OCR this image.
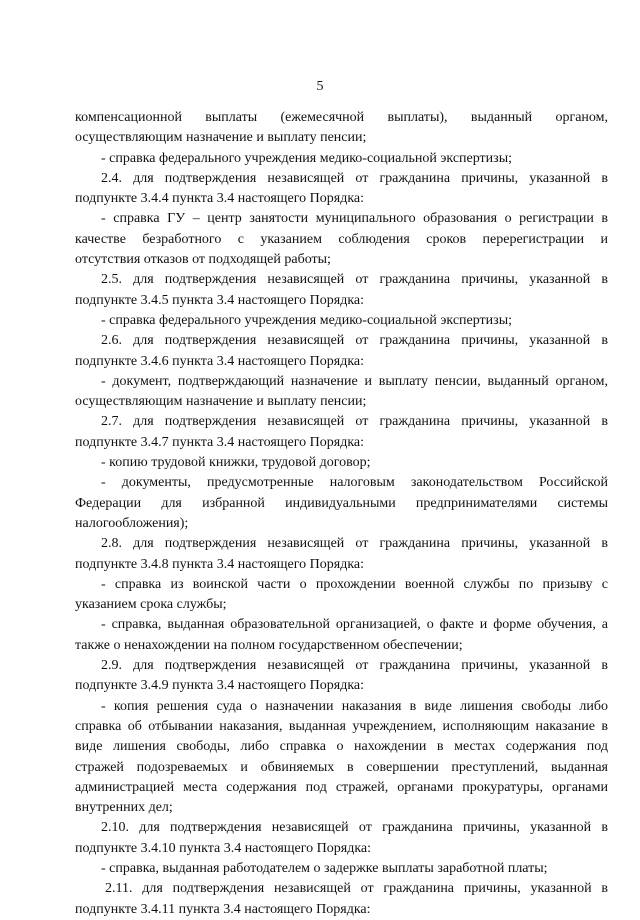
5
компенсационной выплаты (ежемесячной выплаты), выданный органом,
осуществляющим назначение и выплату пенсии;
- справка федерального учреждения медико-социальной экспертизы;
2.4. для подтверждения независящей от гражданина причины, указанной в
подпункте 3.4.4 пункта 3.4 настоящего Порядка:
- справка ГУ – центр занятости муниципального образования о регистрации в
качестве безработного с указанием соблюдения сроков перерегистрации и
отсутствия отказов от подходящей работы;
2.5. для подтверждения независящей от гражданина причины, указанной в
подпункте 3.4.5 пункта 3.4 настоящего Порядка:
- справка федерального учреждения медико-социальной экспертизы;
2.6. для подтверждения независящей от гражданина причины, указанной в
подпункте 3.4.6 пункта 3.4 настоящего Порядка:
- документ, подтверждающий назначение и выплату пенсии, выданный органом,
осуществляющим назначение и выплату пенсии;
2.7. для подтверждения независящей от гражданина причины, указанной в
подпункте 3.4.7 пункта 3.4 настоящего Порядка:
- копию трудовой книжки, трудовой договор;
- документы, предусмотренные налоговым законодательством Российской
Федерации для избранной индивидуальными предпринимателями системы
налогообложения);
2.8. для подтверждения независящей от гражданина причины, указанной в
подпункте 3.4.8 пункта 3.4 настоящего Порядка:
- справка из воинской части о прохождении военной службы по призыву с
указанием срока службы;
- справка, выданная образовательной организацией, о факте и форме обучения, а
также о ненахождении на полном государственном обеспечении;
2.9. для подтверждения независящей от гражданина причины, указанной в
подпункте 3.4.9 пункта 3.4 настоящего Порядка:
- копия решения суда о назначении наказания в виде лишения свободы либо
справка об отбывании наказания, выданная учреждением, исполняющим наказание в
виде лишения свободы, либо справка о нахождении в местах содержания под
стражей подозреваемых и обвиняемых в совершении преступлений, выданная
администрацией места содержания под стражей, органами прокуратуры, органами
внутренних дел;
2.10. для подтверждения независящей от гражданина причины, указанной в
подпункте 3.4.10 пункта 3.4 настоящего Порядка:
- справка, выданная работодателем о задержке выплаты заработной платы;
2.11. для подтверждения независящей от гражданина причины, указанной в
подпункте 3.4.11 пункта 3.4 настоящего Порядка:
